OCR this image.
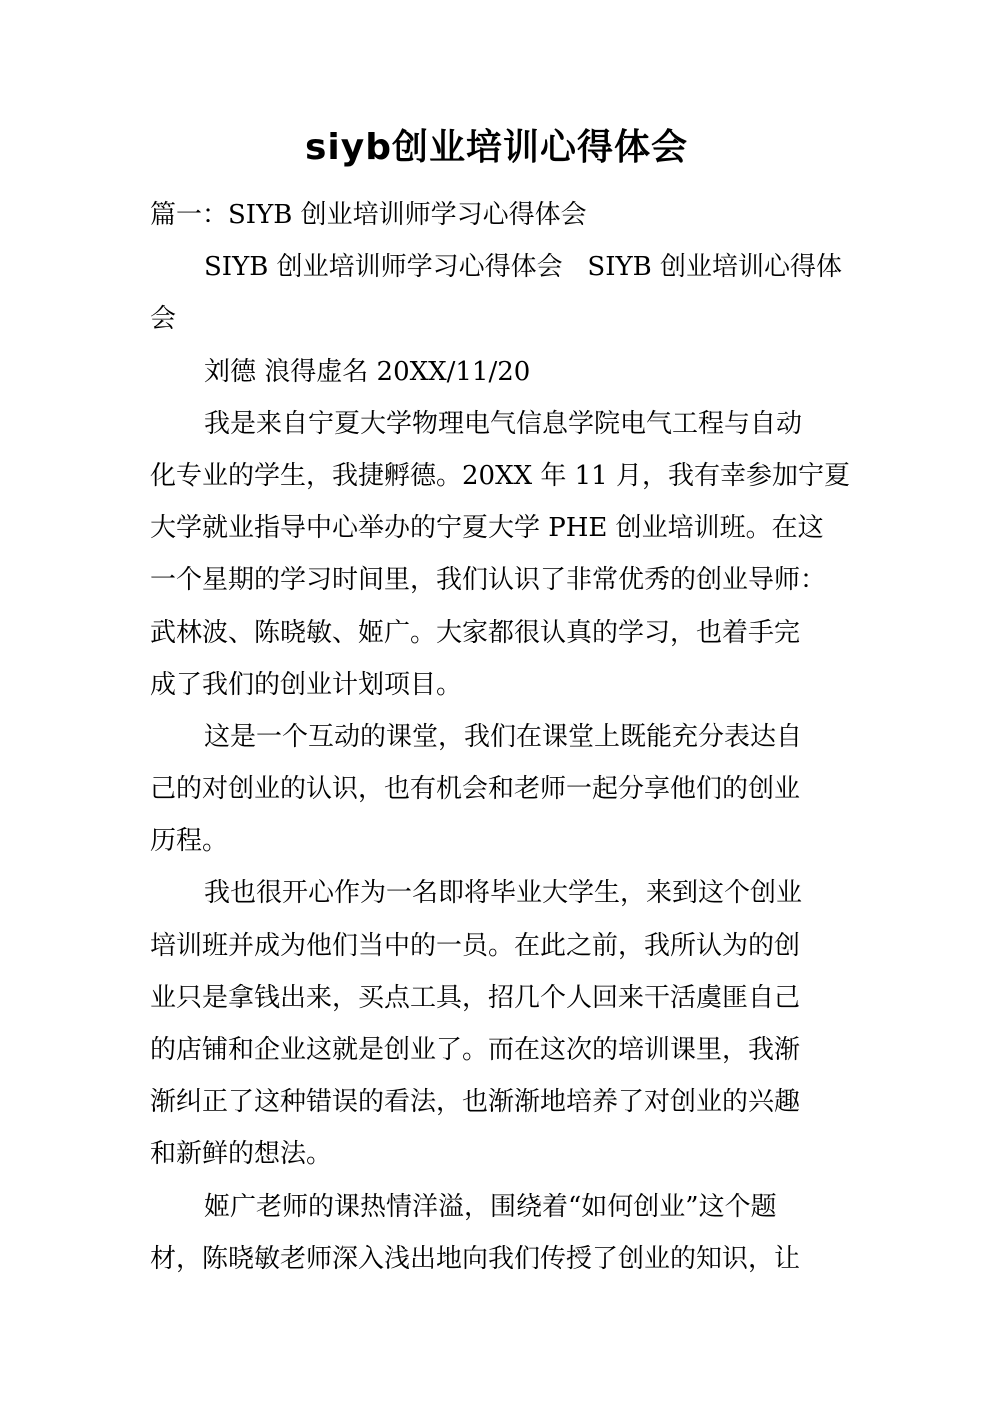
siyb创业培训心得体会
篇一：SIYB 创业培训师学习心得体会
SIYB 创业培训师学习心得体会   SIYB 创业培训心得体
会
刘德 浪得虚名 20XX/11/20
我是来自宁夏大学物理电气信息学院电气工程与自动
化专业的学生，我捷孵德。20XX 年 11 月，我有幸参加宁夏
大学就业指导中心举办的宁夏大学 PHE 创业培训班。在这
一个星期的学习时间里，我们认识了非常优秀的创业导师：
武林波、陈晓敏、姬广。大家都很认真的学习，也着手完
成了我们的创业计划项目。
这是一个互动的课堂，我们在课堂上既能充分表达自
己的对创业的认识，也有机会和老师一起分享他们的创业
历程。
我也很开心作为一名即将毕业大学生，来到这个创业
培训班并成为他们当中的一员。在此之前，我所认为的创
业只是拿钱出来，买点工具，招几个人回来干活虞匪自己
的店铺和企业这就是创业了。而在这次的培训课里，我渐
渐纠正了这种错误的看法，也渐渐地培养了对创业的兴趣
和新鲜的想法。
姬广老师的课热情洋溢，围绕着“如何创业”这个题
材，陈晓敏老师深入浅出地向我们传授了创业的知识，让
